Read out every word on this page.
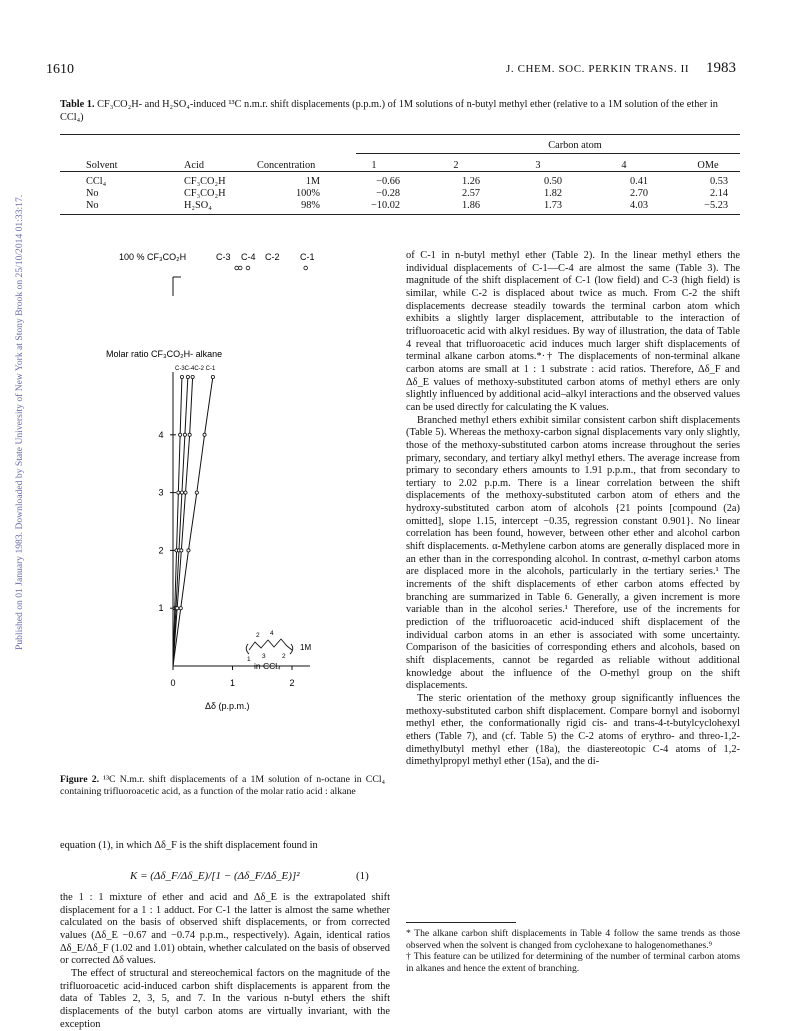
1610	J. CHEM. SOC. PERKIN TRANS. II 1983
Published on 01 January 1983. Downloaded by State University of New York at Stony Brook on 25/10/2014 01:33:17.
Table 1. CF₃CO₂H- and H₂SO₄-induced ¹³C n.m.r. shift displacements (p.p.m.) of 1M solutions of n-butyl methyl ether (relative to a 1M solution of the ether in CCl₄)
Carbon atom
Solvent	Acid	Concentration	1	2	3	4	OMe
CCl₄	CF₃CO₂H	1M	−0.66	1.26	0.50	0.41	0.53
No	CF₃CO₂H	100%	−0.28	2.57	1.82	2.70	2.14
No	H₂SO₄	98%	−10.02	1.86	1.73	4.03	−5.23
100 % CF₃CO₂H	C-3 C-4 C-2 C-1
Molar ratio CF₃CO₂H- alkane
C-3C-4C-2 C-1
1
2
3
4
0	1	2
2 4
1 3	2
1M
in CCl₄
Δδ (p.p.m.)
Figure 2. ¹³C N.m.r. shift displacements of a 1M solution of n-octane in CCl₄ containing trifluoroacetic acid, as a function of the molar ratio acid : alkane
equation (1), in which Δδ_F is the shift displacement found in
K = (Δδ_F/Δδ_E)/[1 − (Δδ_F/Δδ_E)]²	(1)

the 1 : 1 mixture of ether and acid and Δδ_E is the extrapolated shift displacement for a 1 : 1 adduct. For C-1 the latter is almost the same whether calculated on the basis of observed shift displacements, or from corrected values (Δδ_E −0.67 and −0.74 p.p.m., respectively). Again, identical ratios Δδ_E/Δδ_F (1.02 and 1.01) obtain, whether calculated on the basis of observed or corrected Δδ values.

The effect of structural and stereochemical factors on the magnitude of the trifluoroacetic acid-induced carbon shift displacements is apparent from the data of Tables 2, 3, 5, and 7. In the various n-butyl ethers the shift displacements of the butyl carbon atoms are virtually invariant, with the exception

of C-1 in n-butyl methyl ether (Table 2). In the linear methyl ethers the individual displacements of C-1—C-4 are almost the same (Table 3). The magnitude of the shift displacement of C-1 (low field) and C-3 (high field) is similar, while C-2 is displaced about twice as much. From C-2 the shift displacements decrease steadily towards the terminal carbon atom which exhibits a slightly larger displacement, attributable to the interaction of trifluoroacetic acid with alkyl residues. By way of illustration, the data of Table 4 reveal that trifluoroacetic acid induces much larger shift displacements of terminal alkane carbon atoms.*·† The displacements of non-terminal alkane carbon atoms are small at 1 : 1 substrate : acid ratios. Therefore, Δδ_F and Δδ_E values of methoxy-substituted carbon atoms of methyl ethers are only slightly influenced by additional acid–alkyl interactions and the observed values can be used directly for calculating the K values.

Branched methyl ethers exhibit similar consistent carbon shift displacements (Table 5). Whereas the methoxy-carbon signal displacements vary only slightly, those of the methoxy-substituted carbon atoms increase throughout the series primary, secondary, and tertiary alkyl methyl ethers. The average increase from primary to secondary ethers amounts to 1.91 p.p.m., that from secondary to tertiary to 2.02 p.p.m. There is a linear correlation between the shift displacements of the methoxy-substituted carbon atom of ethers and the hydroxy-substituted carbon atom of alcohols {21 points [compound (2a) omitted], slope 1.15, intercept −0.35, regression constant 0.901}. No linear correlation has been found, however, between other ether and alcohol carbon shift displacements. α-Methylene carbon atoms are generally displaced more in an ether than in the corresponding alcohol. In contrast, α-methyl carbon atoms are displaced more in the alcohols, particularly in the tertiary series.¹ The increments of the shift displacements of ether carbon atoms effected by branching are summarized in Table 6. Generally, a given increment is more variable than in the alcohol series.¹ Therefore, use of the increments for prediction of the trifluoroacetic acid-induced shift displacement of the individual carbon atoms in an ether is associated with some uncertainty. Comparison of the basicities of corresponding ethers and alcohols, based on shift displacements, cannot be regarded as reliable without additional knowledge about the influence of the O-methyl group on the shift displacements.

The steric orientation of the methoxy group significantly influences the methoxy-substituted carbon shift displacement. Compare bornyl and isobornyl methyl ether, the conformationally rigid cis- and trans-4-t-butylcyclohexyl ethers (Table 7), and (cf. Table 5) the C-2 atoms of erythro- and threo-1,2-dimethylbutyl methyl ether (18a), the diastereotopic C-4 atoms of 1,2-dimethylpropyl methyl ether (15a), and the di-

* The alkane carbon shift displacements in Table 4 follow the same trends as those observed when the solvent is changed from cyclohexane to halogenomethanes.⁹

† This feature can be utilized for determining of the number of terminal carbon atoms in alkanes and hence the extent of branching.
